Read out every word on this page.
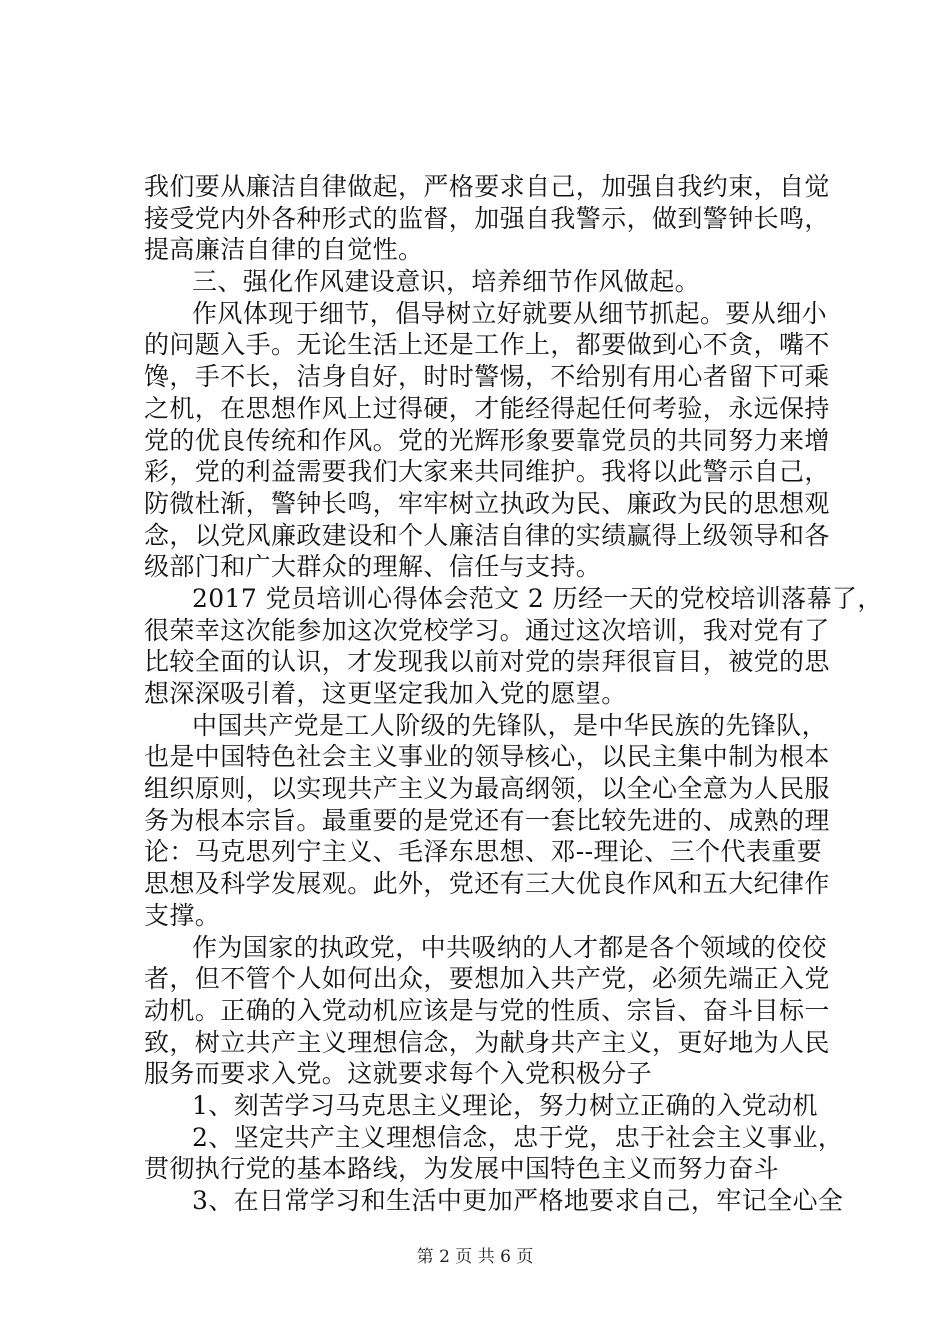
我们要从廉洁自律做起，严格要求自己，加强自我约束，自觉
接受党内外各种形式的监督，加强自我警示，做到警钟长鸣，
提高廉洁自律的自觉性。
三、强化作风建设意识，培养细节作风做起。
作风体现于细节，倡导树立好就要从细节抓起。要从细小
的问题入手。无论生活上还是工作上，都要做到心不贪，嘴不
馋，手不长，洁身自好，时时警惕，不给别有用心者留下可乘
之机，在思想作风上过得硬，才能经得起任何考验，永远保持
党的优良传统和作风。党的光辉形象要靠党员的共同努力来增
彩，党的利益需要我们大家来共同维护。我将以此警示自己，
防微杜渐，警钟长鸣，牢牢树立执政为民、廉政为民的思想观
念，以党风廉政建设和个人廉洁自律的实绩赢得上级领导和各
级部门和广大群众的理解、信任与支持。
2017 党员培训心得体会范文 2 历经一天的党校培训落幕了，
很荣幸这次能参加这次党校学习。通过这次培训，我对党有了
比较全面的认识，才发现我以前对党的崇拜很盲目，被党的思
想深深吸引着，这更坚定我加入党的愿望。
中国共产党是工人阶级的先锋队，是中华民族的先锋队，
也是中国特色社会主义事业的领导核心，以民主集中制为根本
组织原则，以实现共产主义为最高纲领，以全心全意为人民服
务为根本宗旨。最重要的是党还有一套比较先进的、成熟的理
论：马克思列宁主义、毛泽东思想、邓--理论、三个代表重要
思想及科学发展观。此外，党还有三大优良作风和五大纪律作
支撑。
作为国家的执政党，中共吸纳的人才都是各个领域的佼佼
者，但不管个人如何出众，要想加入共产党，必须先端正入党
动机。正确的入党动机应该是与党的性质、宗旨、奋斗目标一
致，树立共产主义理想信念，为献身共产主义，更好地为人民
服务而要求入党。这就要求每个入党积极分子
1、刻苦学习马克思主义理论，努力树立正确的入党动机
2、坚定共产主义理想信念，忠于党，忠于社会主义事业，
贯彻执行党的基本路线，为发展中国特色主义而努力奋斗
3、在日常学习和生活中更加严格地要求自己，牢记全心全
第 2 页 共 6 页
